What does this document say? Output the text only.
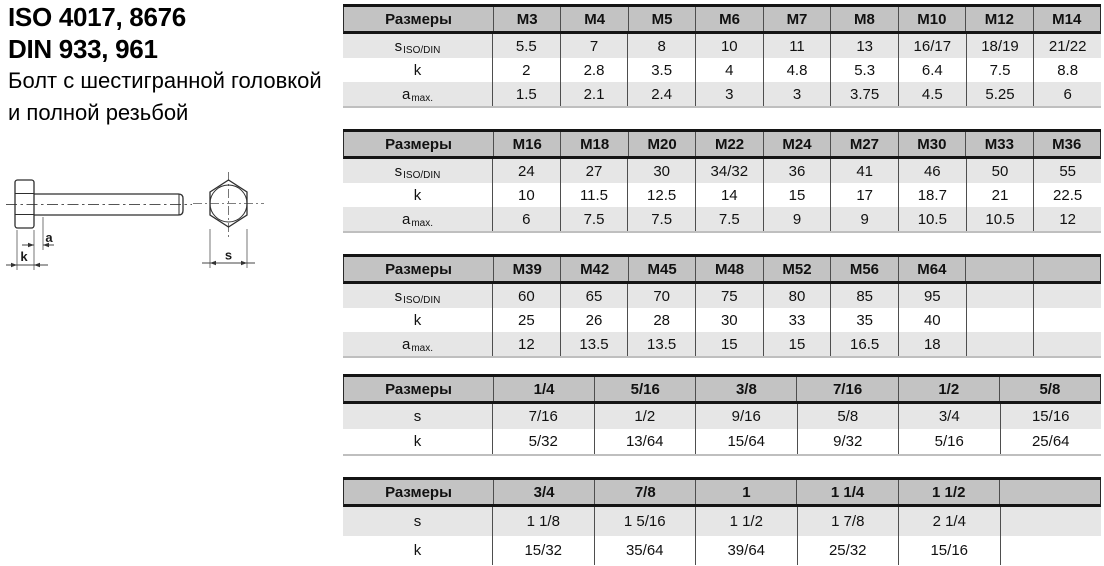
ISO 4017, 8676
DIN 933, 961
Болт с шестигранной головкой
и полной резьбой
a
k	s
Размеры	M3	M4	M5	M6	M7	M8	M10	M12	M14
s ISO/DIN	5.5	7	8	10	11	13	16/17	18/19	21/22
k	2	2.8	3.5	4	4.8	5.3	6.4	7.5	8.8
a max.	1.5	2.1	2.4	3	3	3.75	4.5	5.25	6
Размеры	M16	M18	M20	M22	M24	M27	M30	M33	M36
s ISO/DIN	24	27	30	34/32	36	41	46	50	55
k	10	11.5	12.5	14	15	17	18.7	21	22.5
a max.	6	7.5	7.5	7.5	9	9	10.5	10.5	12
Размеры	M39	M42	M45	M48	M52	M56	M64
s ISO/DIN	60	65	70	75	80	85	95
k	25	26	28	30	33	35	40
a max.	12	13.5	13.5	15	15	16.5	18
Размеры	1/4	5/16	3/8	7/16	1/2	5/8
s	7/16	1/2	9/16	5/8	3/4	15/16
k	5/32	13/64	15/64	9/32	5/16	25/64
Размеры	3/4	7/8	1	1 1/4	1 1/2
s	1 1/8	1 5/16	1 1/2	1 7/8	2 1/4
k	15/32	35/64	39/64	25/32	15/16
